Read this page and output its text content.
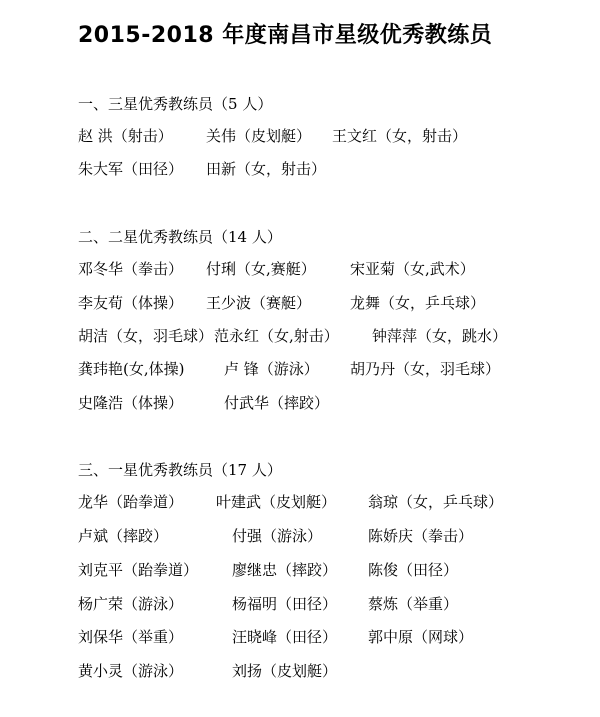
2015-2018 年度南昌市星级优秀教练员
一、三星优秀教练员（5 人）
赵 洪（射击） 关伟（皮划艇） 王文红（女，射击）
朱大军（田径） 田新（女，射击）
二、二星优秀教练员（14 人）
邓冬华（拳击） 付琍（女,赛艇） 宋亚菊（女,武术）
李友荀（体操） 王少波（赛艇）	龙舞（女，乒乓球）
胡洁（女，羽毛球） 范永红（女,射击） 钟萍萍（女，跳水）
龚玮艳(女,体操)	卢 锋（游泳） 胡乃丹（女，羽毛球）
史隆浩（体操）	付武华（摔跤）
三、一星优秀教练员（17 人）
龙华（跆拳道） 叶建武（皮划艇） 翁琼（女，乒乓球）
卢斌（摔跤）	付强（游泳）	陈娇庆（拳击）
刘克平（跆拳道） 廖继忠（摔跤） 陈俊（田径）
杨广荣（游泳）	杨福明（田径） 蔡炼（举重）
刘保华（举重）	汪晓峰（田径） 郭中原（网球）
黄小灵（游泳）	刘扬（皮划艇）
